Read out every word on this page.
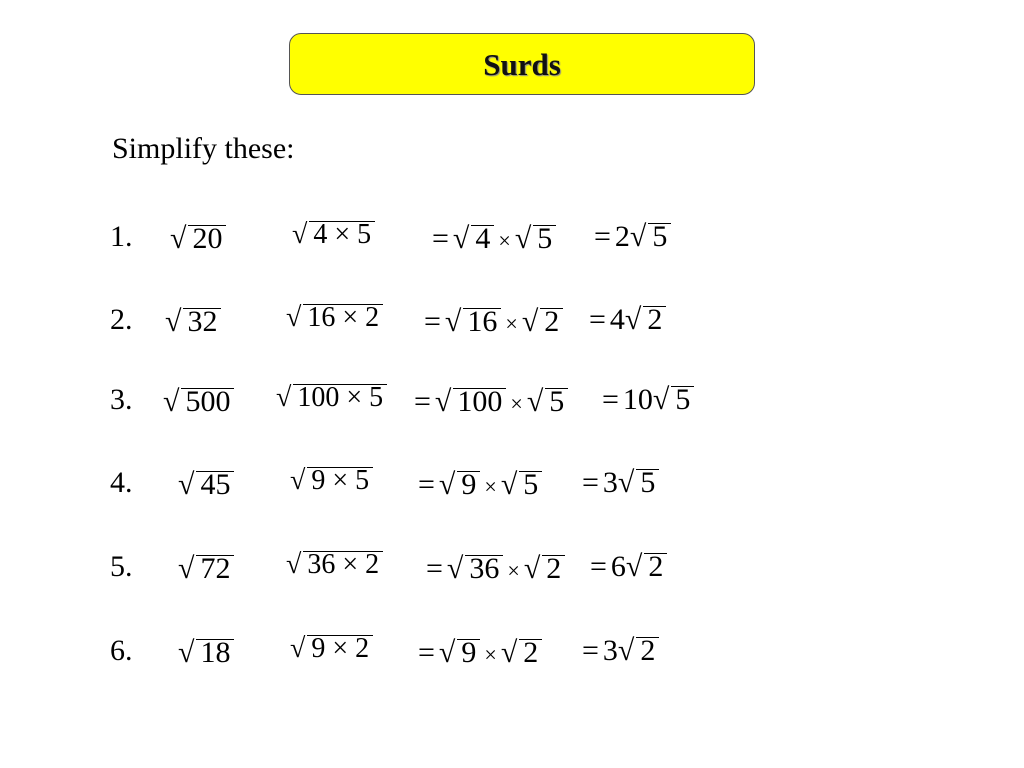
Surds
Simplify these:
1. √ 20 √ 4 × 5 = √ 4 × √ 5 = 2√ 5
2. √ 32 √ 16 × 2 = √ 16 × √ 2 = 4√ 2
3. √ 500 √ 100 × 5 = √ 100 × √ 5 = 10√ 5
4. √ 45 √ 9 × 5 = √ 9 × √ 5 = 3√ 5
5. √ 72 √ 36 × 2 = √ 36 × √ 2 = 6√ 2
6. √ 18 √ 9 × 2 = √ 9 × √ 2 = 3√ 2
